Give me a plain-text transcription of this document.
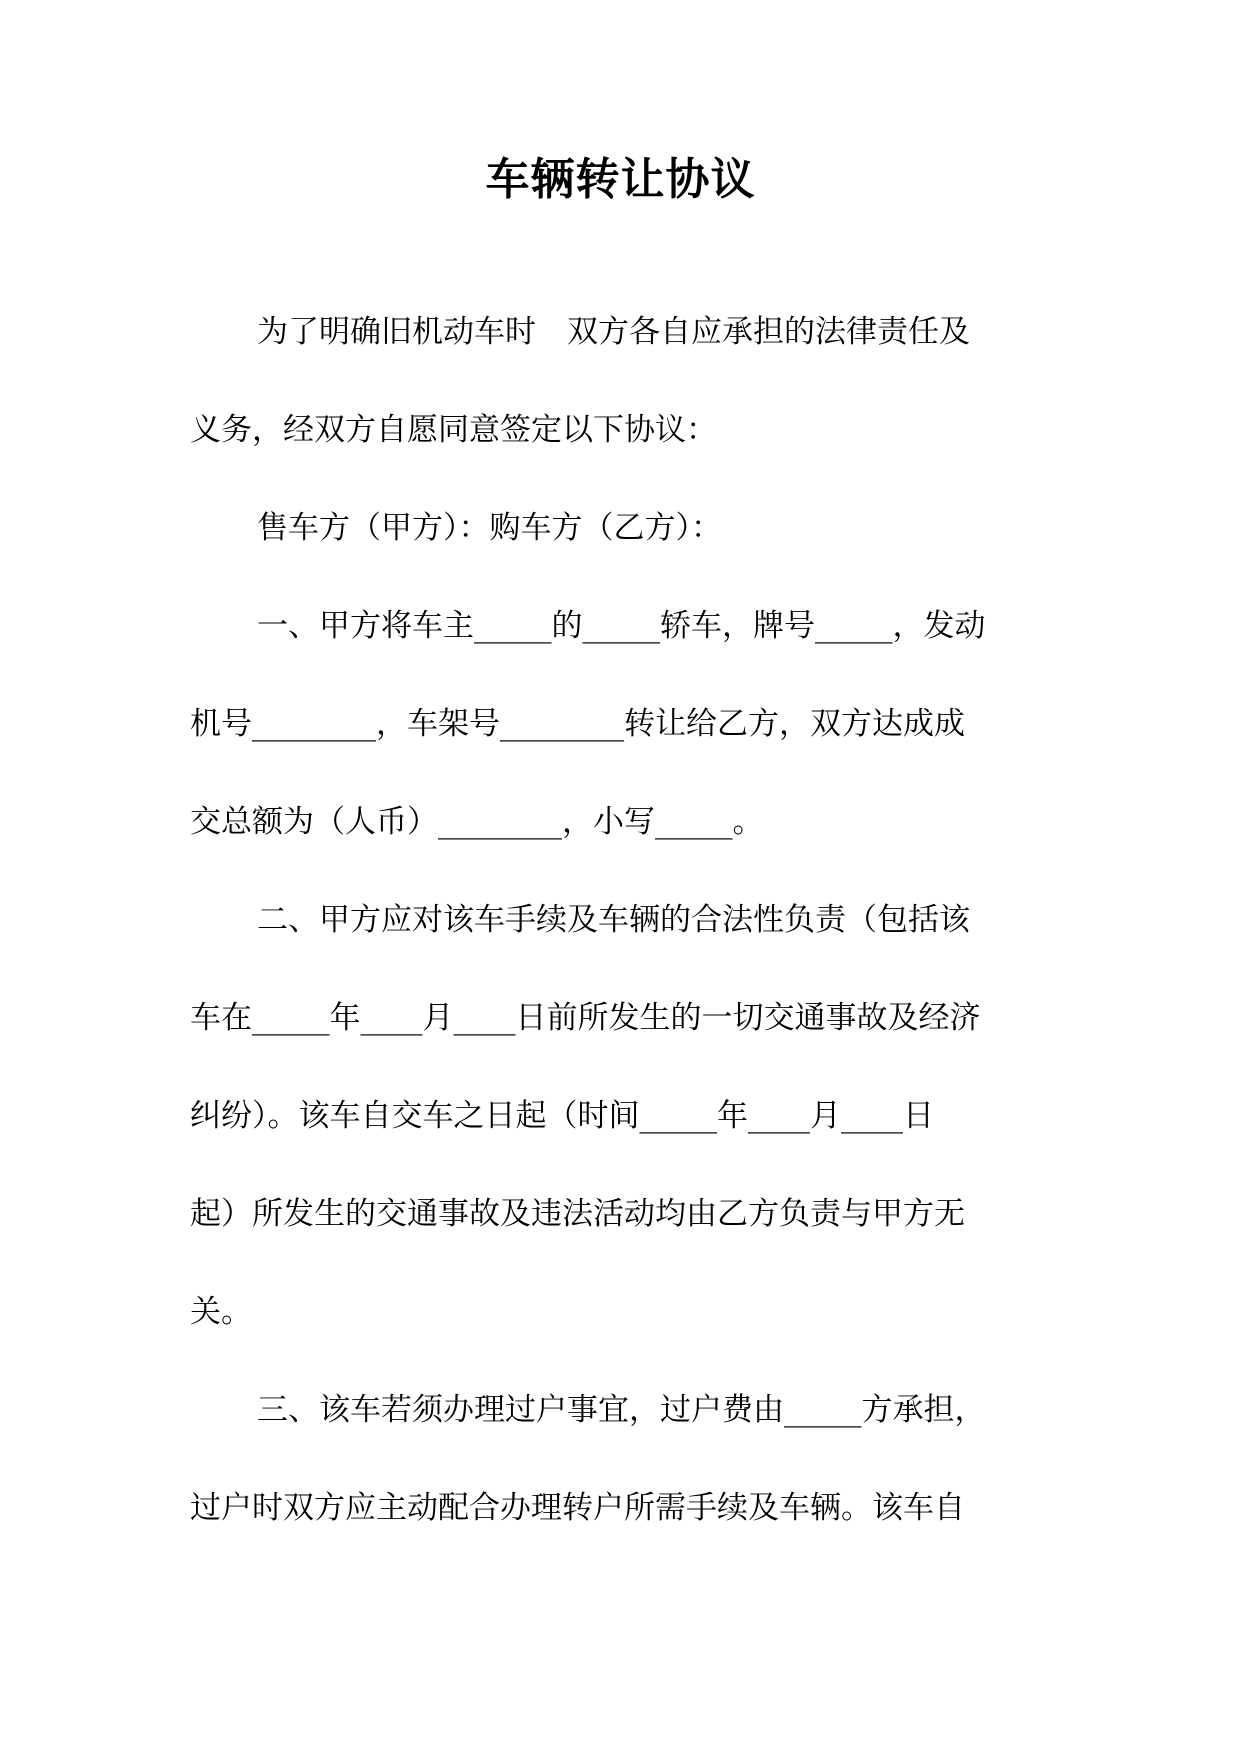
车辆转让协议

为了明确旧机动车时　双方各自应承担的法律责任及

义务，经双方自愿同意签定以下协议：

售车方（甲方）：购车方（乙方）：

一、甲方将车主_____的_____轿车，牌号_____，发动

机号________，车架号________转让给乙方，双方达成成

交总额为（人币）________，小写_____。

二、甲方应对该车手续及车辆的合法性负责（包括该

车在_____年____月____日前所发生的一切交通事故及经济

纠纷）。该车自交车之日起（时间_____年____月____日

起）所发生的交通事故及违法活动均由乙方负责与甲方无

关。

三、该车若须办理过户事宜，过户费由_____方承担，

过户时双方应主动配合办理转户所需手续及车辆。该车自
